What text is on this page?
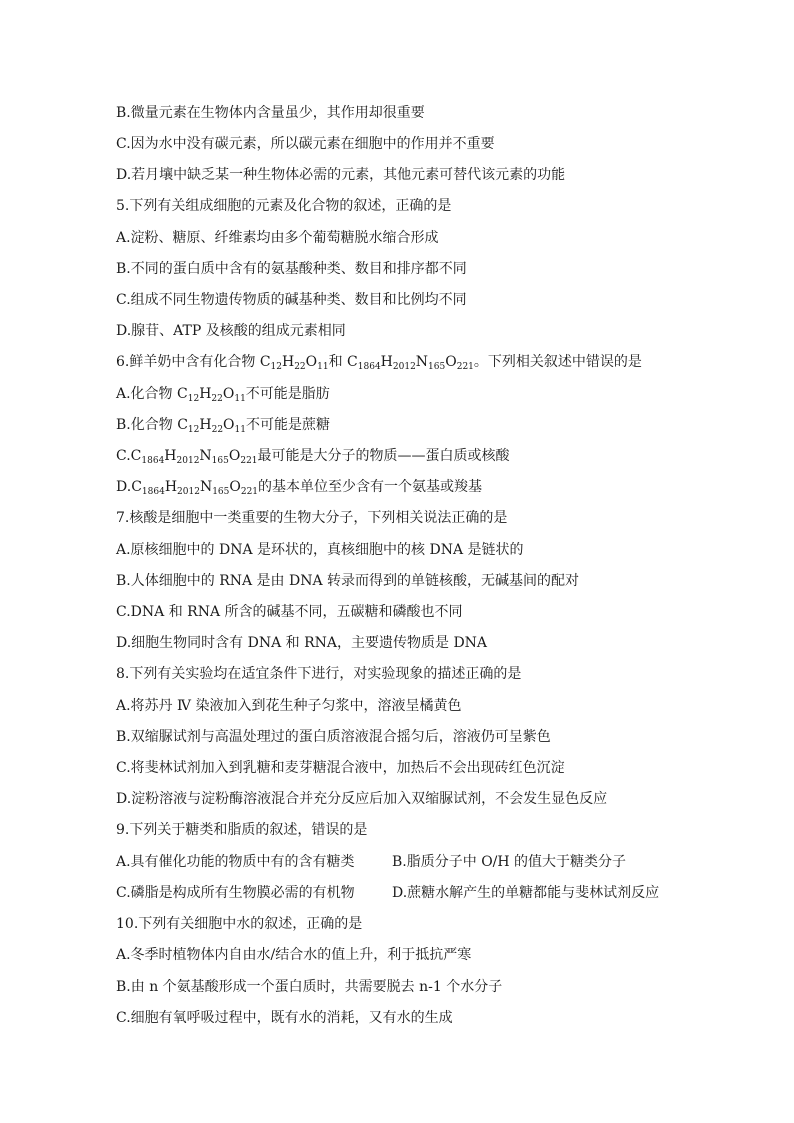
B.微量元素在生物体内含量虽少，其作用却很重要
C.因为水中没有碳元素，所以碳元素在细胞中的作用并不重要
D.若月壤中缺乏某一种生物体必需的元素，其他元素可替代该元素的功能
5.下列有关组成细胞的元素及化合物的叙述，正确的是
A.淀粉、糖原、纤维素均由多个葡萄糖脱水缩合形成
B.不同的蛋白质中含有的氨基酸种类、数目和排序都不同
C.组成不同生物遗传物质的碱基种类、数目和比例均不同
D.腺苷、ATP 及核酸的组成元素相同
6.鲜羊奶中含有化合物 $C_{12}H_{22}O_{11}$和 $C_{1864}H_{2012}N_{165}O_{221}$。下列相关叙述中错误的是
A.化合物 $C_{12}H_{22}O_{11}$不可能是脂肪
B.化合物 $C_{12}H_{22}O_{11}$不可能是蔗糖
$C.C_{1864}H_{2012}N_{165}O_{221}$最可能是大分子的物质——蛋白质或核酸
$D.C_{1864}H_{2012}N_{165}O_{221}$的基本单位至少含有一个氨基或羧基
7.核酸是细胞中一类重要的生物大分子，下列相关说法正确的是
A.原核细胞中的 DNA 是环状的，真核细胞中的核 DNA 是链状的
B.人体细胞中的 RNA 是由 DNA 转录而得到的单链核酸，无碱基间的配对
C.DNA 和 RNA 所含的碱基不同，五碳糖和磷酸也不同
D.细胞生物同时含有 DNA 和 RNA，主要遗传物质是 DNA
8.下列有关实验均在适宜条件下进行，对实验现象的描述正确的是
A.将苏丹 Ⅳ 染液加入到花生种子匀浆中，溶液呈橘黄色
B.双缩脲试剂与高温处理过的蛋白质溶液混合摇匀后，溶液仍可呈紫色
C.将斐林试剂加入到乳糖和麦芽糖混合液中，加热后不会出现砖红色沉淀
D.淀粉溶液与淀粉酶溶液混合并充分反应后加入双缩脲试剂，不会发生显色反应
9.下列关于糖类和脂质的叙述，错误的是
A.具有催化功能的物质中有的含有糖类	B.脂质分子中 O/H 的值大于糖类分子
C.磷脂是构成所有生物膜必需的有机物	D.蔗糖水解产生的单糖都能与斐林试剂反应
10.下列有关细胞中水的叙述，正确的是
A.冬季时植物体内自由水/结合水的值上升，利于抵抗严寒
B.由 n 个氨基酸形成一个蛋白质时，共需要脱去 n-1 个水分子
C.细胞有氧呼吸过程中，既有水的消耗，又有水的生成
